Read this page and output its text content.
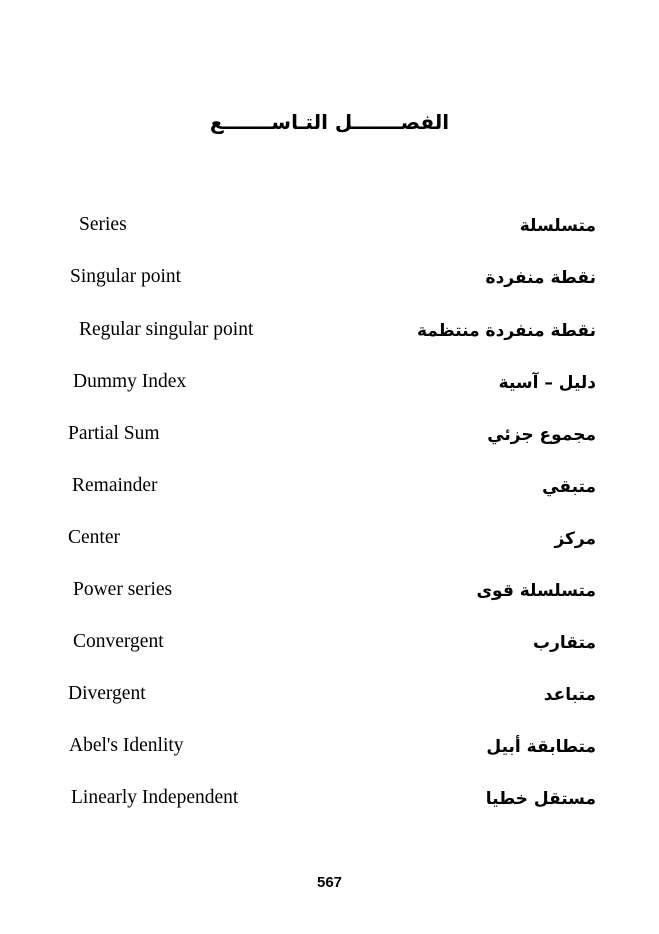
الفصـــــــل التـاســـــــع
Series	متسلسلة
Singular point	نقطة منفردة
Regular singular point	نقطة منفردة منتظمة
Dummy Index	دليل – آسية
Partial Sum	مجموع جزئي
Remainder	متبقي
Center	مركز
Power series	متسلسلة قوى
Convergent	متقارب
Divergent	متباعد
Abel's Idenlity	متطابقة أبيل
Linearly Independent	مستقل خطيا
567
